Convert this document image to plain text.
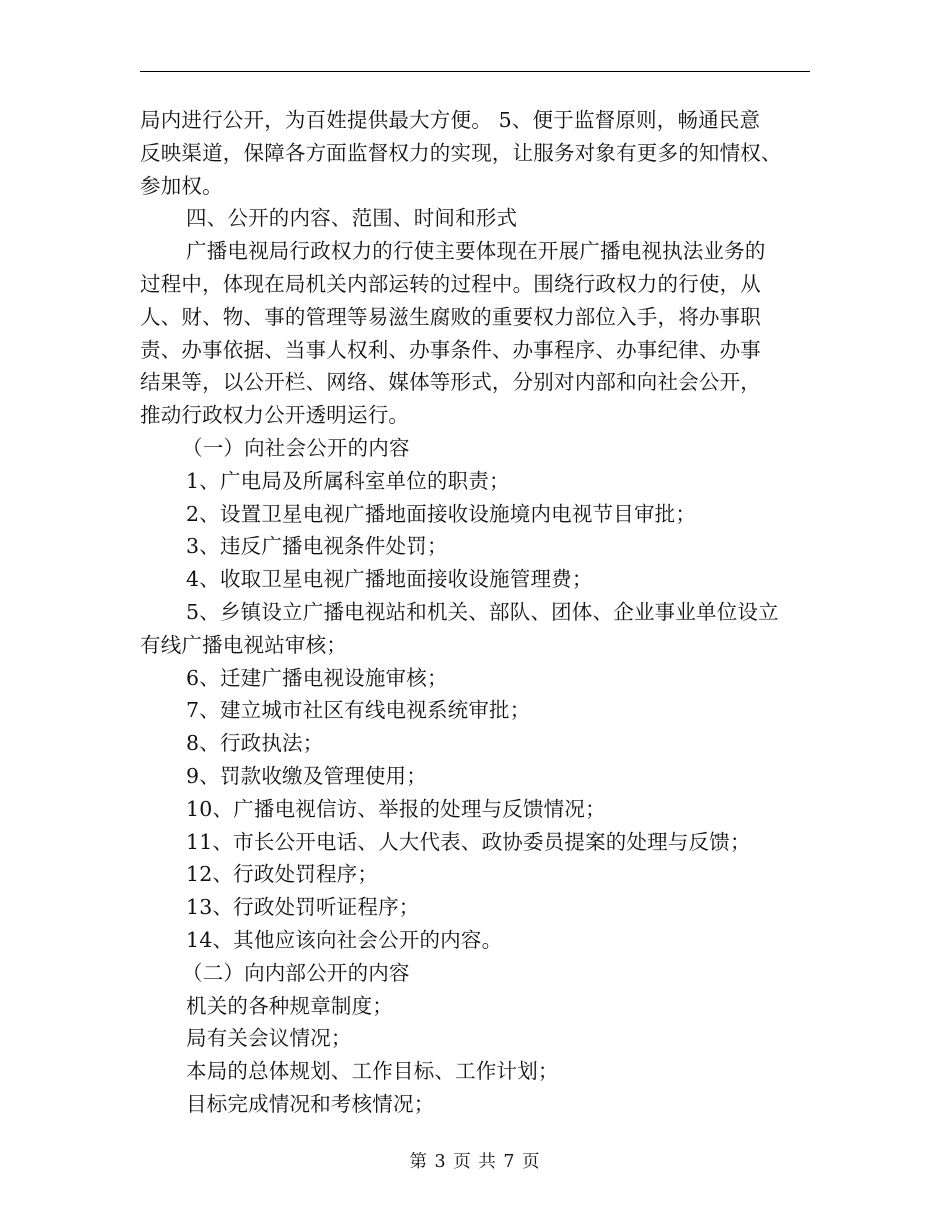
局内进行公开，为百姓提供最大方便。 5、便于监督原则，畅通民意
反映渠道，保障各方面监督权力的实现，让服务对象有更多的知情权、
参加权。
四、公开的内容、范围、时间和形式
广播电视局行政权力的行使主要体现在开展广播电视执法业务的
过程中，体现在局机关内部运转的过程中。围绕行政权力的行使，从
人、财、物、事的管理等易滋生腐败的重要权力部位入手，将办事职
责、办事依据、当事人权利、办事条件、办事程序、办事纪律、办事
结果等，以公开栏、网络、媒体等形式，分别对内部和向社会公开，
推动行政权力公开透明运行。
（一）向社会公开的内容
1、广电局及所属科室单位的职责；
2、设置卫星电视广播地面接收设施境内电视节目审批；
3、违反广播电视条件处罚；
4、收取卫星电视广播地面接收设施管理费；
5、乡镇设立广播电视站和机关、部队、团体、企业事业单位设立
有线广播电视站审核；
6、迁建广播电视设施审核；
7、建立城市社区有线电视系统审批；
8、行政执法；
9、罚款收缴及管理使用；
10、广播电视信访、举报的处理与反馈情况；
11、市长公开电话、人大代表、政协委员提案的处理与反馈；
12、行政处罚程序；
13、行政处罚听证程序；
14、其他应该向社会公开的内容。
（二）向内部公开的内容
机关的各种规章制度；
局有关会议情况；
本局的总体规划、工作目标、工作计划；
目标完成情况和考核情况；
第 3 页 共 7 页
